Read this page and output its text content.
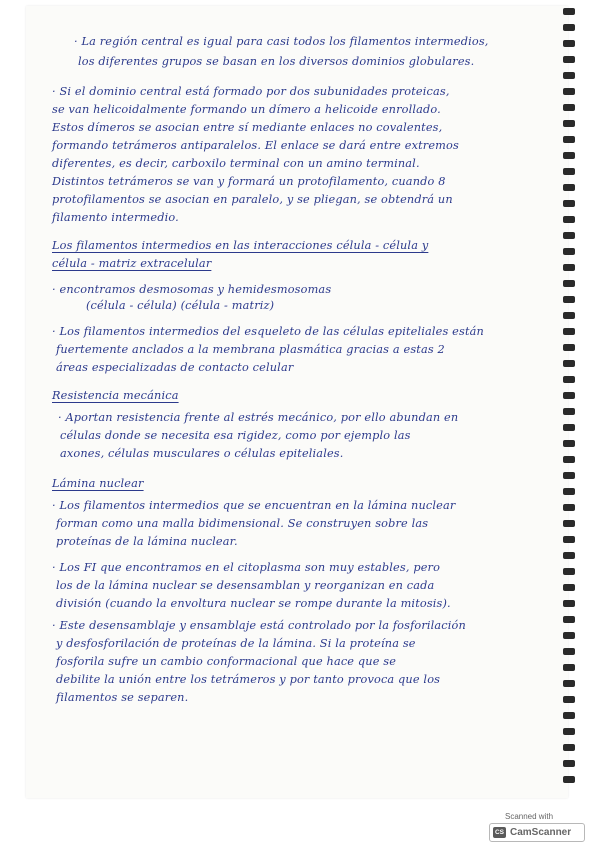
· La región central es igual para casi todos los filamentos intermedios,
los diferentes grupos se basan en los diversos dominios globulares.
· Si el dominio central está formado por dos subunidades proteicas,
se van helicoidalmente formando un dímero a helicoide enrollado.
Estos dímeros se asocian entre sí mediante enlaces no covalentes,
formando tetrámeros antiparalelos. El enlace se dará entre extremos
diferentes, es decir, carboxilo terminal con un amino terminal.
Distintos tetrámeros se van y formará un protofilamento, cuando 8
protofilamentos se asocian en paralelo, y se pliegan, se obtendrá un
filamento intermedio.
Los filamentos intermedios en las interacciones célula - célula y
célula - matriz extracelular
· encontramos desmosomas y hemidesmosomas
(célula - célula) (célula - matriz)
· Los filamentos intermedios del esqueleto de las células epiteliales están
fuertemente anclados a la membrana plasmática gracias a estas 2
áreas especializadas de contacto celular
Resistencia mecánica
· Aportan resistencia frente al estrés mecánico, por ello abundan en
células donde se necesita esa rigidez, como por ejemplo las
axones, células musculares o células epiteliales.
Lámina nuclear
· Los filamentos intermedios que se encuentran en la lámina nuclear
forman como una malla bidimensional. Se construyen sobre las
proteínas de la lámina nuclear.
· Los FI que encontramos en el citoplasma son muy estables, pero
los de la lámina nuclear se desensamblan y reorganizan en cada
división (cuando la envoltura nuclear se rompe durante la mitosis).
· Este desensamblaje y ensamblaje está controlado por la fosforilación
y desfosforilación de proteínas de la lámina. Si la proteína se
fosforila sufre un cambio conformacional que hace que se
debilite la unión entre los tetrámeros y por tanto provoca que los
filamentos se separen.
Scanned with
CS CamScanner
